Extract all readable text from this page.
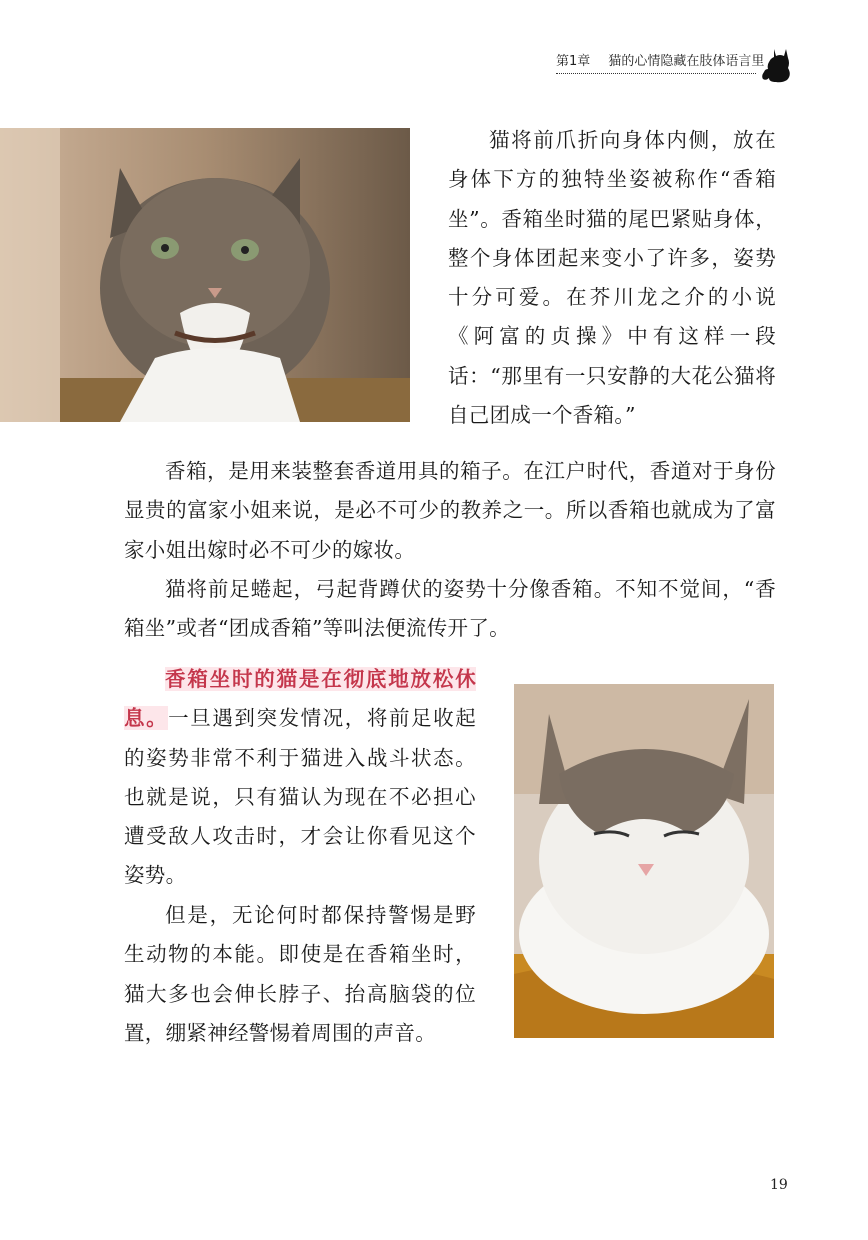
第1章 猫的心情隐藏在肢体语言里

猫将前爪折向身体内侧，放在身体下方的独特坐姿被称作“香箱坐”。香箱坐时猫的尾巴紧贴身体，整个身体团起来变小了许多，姿势十分可爱。在芥川龙之介的小说《阿富的贞操》中有这样一段话：“那里有一只安静的大花公猫将自己团成一个香箱。”

香箱，是用来装整套香道用具的箱子。在江户时代，香道对于身份显贵的富家小姐来说，是必不可少的教养之一。所以香箱也就成为了富家小姐出嫁时必不可少的嫁妆。

猫将前足蜷起，弓起背蹲伏的姿势十分像香箱。不知不觉间，“香箱坐”或者“团成香箱”等叫法便流传开了。

香箱坐时的猫是在彻底地放松休息。一旦遇到突发情况，将前足收起的姿势非常不利于猫进入战斗状态。也就是说，只有猫认为现在不必担心遭受敌人攻击时，才会让你看见这个姿势。

但是，无论何时都保持警惕是野生动物的本能。即使是在香箱坐时，猫大多也会伸长脖子、抬高脑袋的位置，绷紧神经警惕着周围的声音。

19
